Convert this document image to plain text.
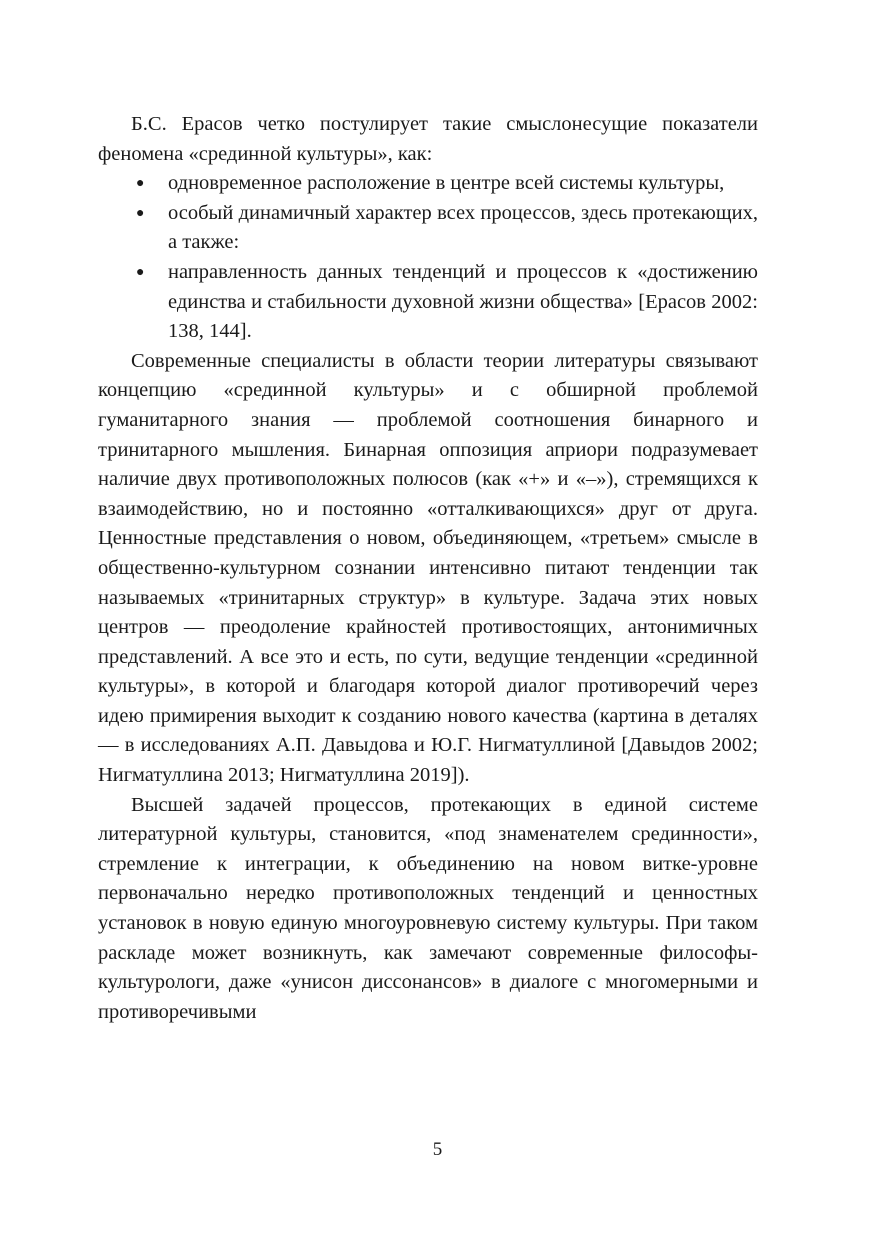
Б.С. Ерасов четко постулирует такие смыслонесущие показатели феномена «срединной культуры», как:

● одновременное расположение в центре всей системы культуры,
● особый динамичный характер всех процессов, здесь протекающих, а также:
● направленность данных тенденций и процессов к «достижению единства и стабильности духовной жизни общества» [Ерасов 2002: 138, 144].

Современные специалисты в области теории литературы связывают концепцию «срединной культуры» и с обширной проблемой гуманитарного знания — проблемой соотношения бинарного и тринитарного мышления. Бинарная оппозиция априори подразумевает наличие двух противоположных полюсов (как «+» и «–»), стремящихся к взаимодействию, но и постоянно «отталкивающихся» друг от друга. Ценностные представления о новом, объединяющем, «третьем» смысле в общественно-культурном сознании интенсивно питают тенденции так называемых «тринитарных структур» в культуре. Задача этих новых центров — преодоление крайностей противостоящих, антонимичных представлений. А все это и есть, по сути, ведущие тенденции «срединной культуры», в которой и благодаря которой диалог противоречий через идею примирения выходит к созданию нового качества (картина в деталях — в исследованиях А.П. Давыдова и Ю.Г. Нигматуллиной [Давыдов 2002; Нигматуллина 2013; Нигматуллина 2019]).

Высшей задачей процессов, протекающих в единой системе литературной культуры, становится, «под знаменателем срединности», стремление к интеграции, к объединению на новом витке-уровне первоначально нередко противоположных тенденций и ценностных установок в новую единую многоуровневую систему культуры. При таком раскладе может возникнуть, как замечают современные философы-культурологи, даже «унисон диссонансов» в диалоге с многомерными и противоречивыми

5
